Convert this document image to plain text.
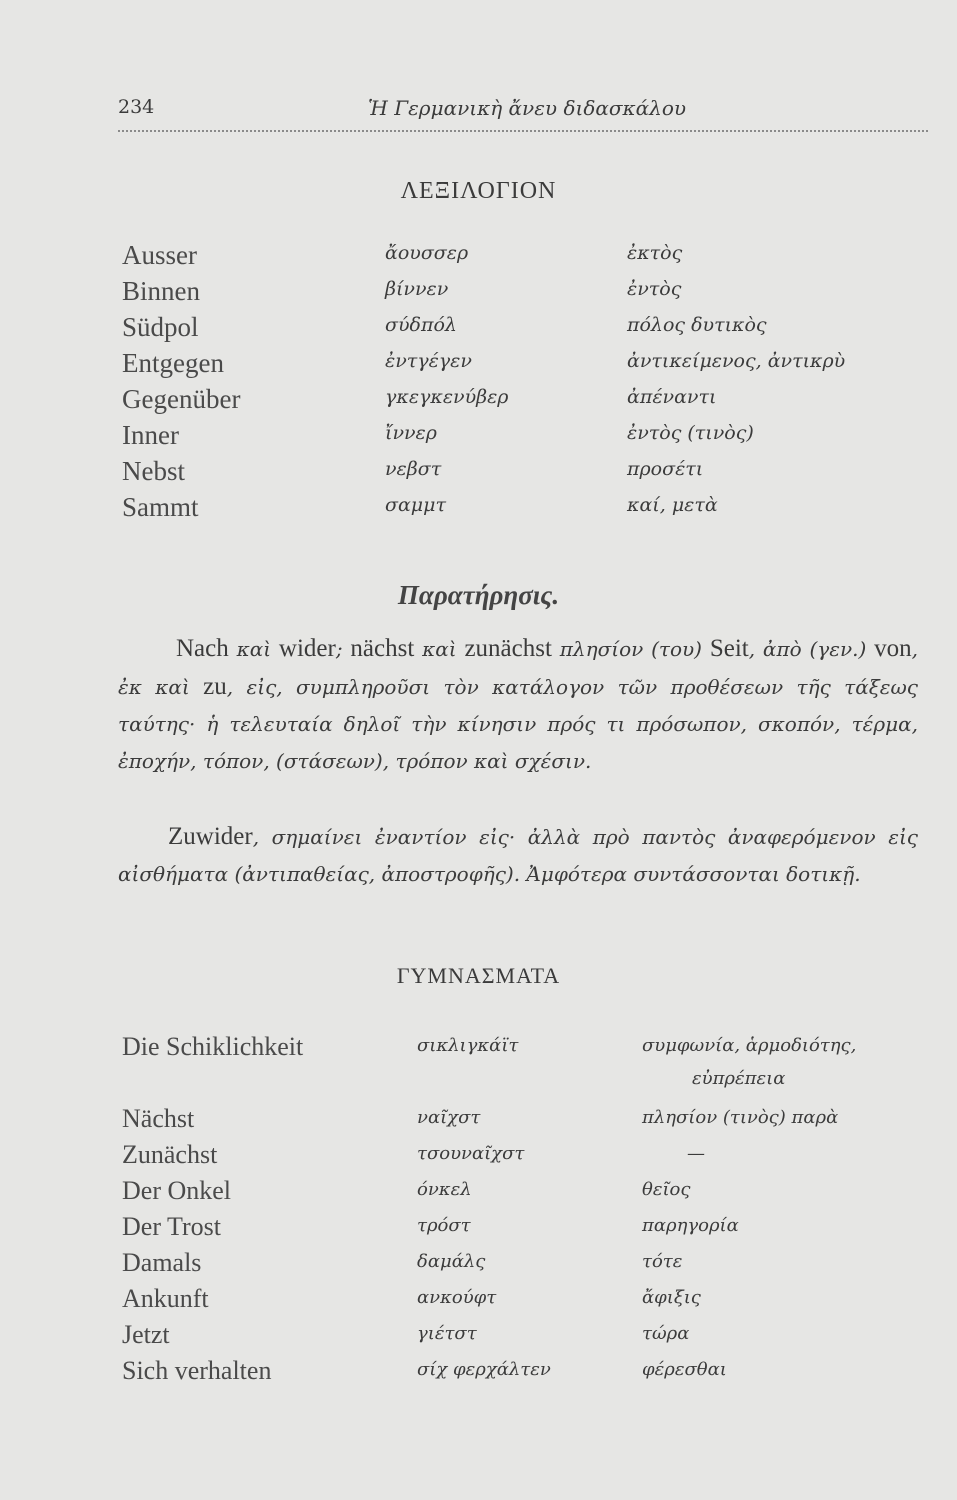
234	Ἡ Γερμανικὴ ἄνευ διδασκάλου
ΛΕΞΙΛΟΓΙΟΝ
Ausser	ἄουσσερ	ἐκτὸς
Binnen	βίννεν	ἐντὸς
Südpol	σύδπόλ	πόλος δυτικὸς
Entgegen	ἐντγέγεν	ἀντικείμενος, ἀντικρὺ
Gegenüber	γκεγκενύβερ	ἀπέναντι
Inner	ἴννερ	ἐντὸς (τινὸς)
Nebst	νεβστ	προσέτι
Sammt	σαμμτ	καί, μετὰ
Παρατήρησις.
Nach καὶ wider; nächst καὶ zunächst πλησίον (του) Seit, ἀπὸ (γεν.) von, ἐκ καὶ zu, εἰς, συμπληροῦσι τὸν κατάλογον τῶν προθέσεων τῆς τάξεως ταύτης· ἡ τελευταία δηλοῖ τὴν κίνησιν πρός τι πρόσωπον, σκοπόν, τέρμα, ἐποχήν, τόπον, (στάσεων), τρόπον καὶ σχέσιν.
Zuwider, σημαίνει ἐναντίον εἰς· ἀλλὰ πρὸ παντὸς ἀναφερόμενον εἰς αἰσθήματα (ἀντιπαθείας, ἀποστροφῆς). Ἀμφότερα συντάσσονται δοτικῇ.
ΓΥΜΝΑΣΜΑΤΑ
Die Schiklichkeit	σικλιγκάϊτ	συμφωνία, ἁρμοδιότης,
εὐπρέπεια
Nächst	ναῖχστ	πλησίον (τινὸς) παρὰ
Zunächst	τσουναῖχστ	—
Der Onkel	όνκελ	θεῖος
Der Trost	τρόστ	παρηγορία
Damals	δαμάλς	τότε
Ankunft	ανκούφτ	ἄφιξις
Jetzt	γιέτστ	τώρα
Sich verhalten	σίχ φερχάλτεν	φέρεσθαι
